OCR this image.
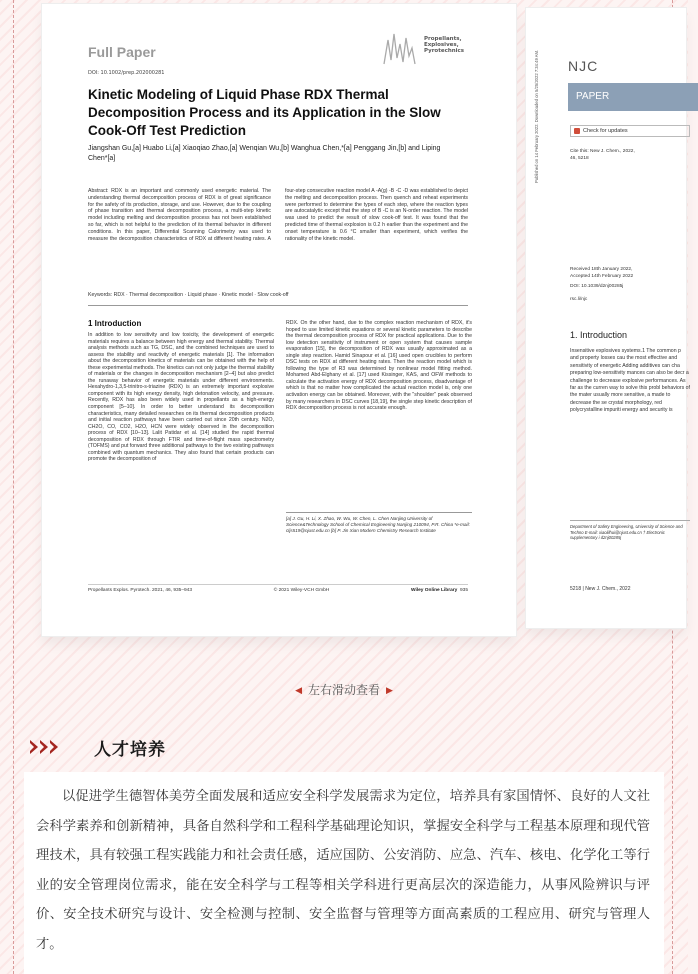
Full Paper
Propellants,
Explosives,
Pyrotechnics
DOI: 10.1002/prep.202000281
Kinetic Modeling of Liquid Phase RDX Thermal Decomposition Process and its Application in the Slow Cook-Off Test Prediction
Jiangshan Gu,[a] Huabo Li,[a] Xiaoqiao Zhao,[a] Wenqian Wu,[b] Wanghua Chen,*[a] Penggang Jin,[b] and Liping Chen*[a]
Abstract: RDX is an important and commonly used energetic material. The understanding thermal decomposition process of RDX is of great significance for the safety of its production, storage, and use. However, due to the coupling of phase transition and thermal decomposition process, a multi-step kinetic model including melting and decomposition process has not been established so far, which is not helpful to the prediction of its thermal behavior in different conditions. In this paper, Differential Scanning Calorimetry was used to measure the decomposition characteristics of RDX at different heating rates. A four-step consecutive reaction model A -A(g) -B -C -D was established to depict the melting and decomposition process. Then quench and reheat experiments were performed to determine the types of each step, where the reaction types are autocatalytic except that the step of B -C is an N-order reaction. The model was used to predict the result of slow cook-off test. It was found that the predicted time of thermal explosion is 0.2 h earlier than the experiment and the onset temperature is 0.6 °C smaller than experiment, which verifies the rationality of the kinetic model.
Keywords: RDX · Thermal decomposition · Liquid phase · Kinetic model · Slow cook-off
1 Introduction
In addition to low sensitivity and low toxicity, the development of energetic materials requires a balance between high energy and thermal stability. Thermal analysis methods such as TG, DSC, and the combined techniques are used to assess the stability and reactivity of energetic materials [1]. The information about the decomposition kinetics of materials can be obtained with the help of these experimental methods. The kinetics can not only judge the thermal stability of materials or the changes in decomposition mechanism [2–4] but also predict the runaway behavior of energetic materials under different environments. Hexahydro-1,3,5-trinitro-s-triazine (RDX) is an extremely important explosive component with its high energy density, high detonation velocity, and pressure. Recently, RDX has also been widely used in propellants as a high-energy component [5–10]. In order to better understand its decomposition characteristics, many detailed researches on its thermal decomposition products and initial reaction pathways have been carried out since 20th century. N2O, CH2O, CO, CO2, H2O, HCN were widely observed in the decomposition process of RDX [10–13]. Lalit Patidar et al. [14] studied the rapid thermal decomposition of RDX through FTIR and time-of-flight mass spectrometry (TOFMS) and put forward three additional pathways to the two existing pathways combined with quantum mechanics. They also found that certain products can promote the decomposition of
RDX. On the other hand, due to the complex reaction mechanism of RDX, it's hoped to use limited kinetic equations or several kinetic parameters to describe the thermal decomposition process of RDX for practical applications. Due to the low detection sensitivity of instrument or open system that causes sample evaporation [15], the decomposition of RDX was usually approximated as a single step reaction. Hamid Sinapour et al. [16] used open crucibles to perform DSC tests on RDX at different heating rates. Then the reaction model which is following the type of R3 was determined by nonlinear model fitting method. Mohamed Abd-Elghany et al. [17] used Kissinger, KAS, and OFW methods to calculate the activation energy of RDX decomposition process, disadvantage of which is that no matter how complicated the actual reaction model is, only one activation energy can be obtained. Moreover, with the "shoulder" peak observed by many researchers in DSC curves [18,19], the single step kinetic description of RDX decomposition process is not accurate enough.
[a] J. Gu, H. Li, X. Zhao, W. Wu, W. Chen, L. Chen Nanjing University of Science&Technology School of Chemical Engineering Nanjing 210094, P.R. China *e-mail: cljs519@njust.edu.cn [b] P. Jin Xian Modern Chemistry Research Institute
Propellants Explos. Pyrotech. 2021, 46, 935–943	© 2021 Wiley-VCH GmbH	Wiley Online Library 935
NJC
PAPER
Check for updates
Cite this: New J. Chem., 2022,
46, 5218
Published on 14 February 2022. Downloaded on 5/25/2022 7:34:49 AM.
Received 18th January 2022,
Accepted 14th February 2022
DOI: 10.1039/d2nj00285j
rsc.li/njc
1. Introduction
Insensitive explosives systems.1 The common p and property losses cau the most effective and sensitivity of energetic Adding additives can cha preparing low-sensitivity mances can also be decr a challenge to decrease explosive performances. As far as the curren way to solve this probl behaviors of the mater usually more sensitive, a made to decrease the se crystal morphology, red polycrystalline impuriti energy and security is
Department of Safety Engineering, University of Science and Techno E-mail: xiaolilhui@njust.edu.cn † Electronic supplementary i d2nj00285j
5218 | New J. Chem., 2022
◀ 左右滑动查看 ▶
人才培养
以促进学生德智体美劳全面发展和适应安全科学发展需求为定位，培养具有家国情怀、良好的人文社会科学素养和创新精神，具备自然科学和工程科学基础理论知识，掌握安全科学与工程基本原理和现代管理技术，具有较强工程实践能力和社会责任感，适应国防、公安消防、应急、汽车、核电、化学化工等行业的安全管理岗位需求，能在安全科学与工程等相关学科进行更高层次的深造能力，从事风险辨识与评价、安全技术研究与设计、安全检测与控制、安全监督与管理等方面高素质的工程应用、研究与管理人才。
